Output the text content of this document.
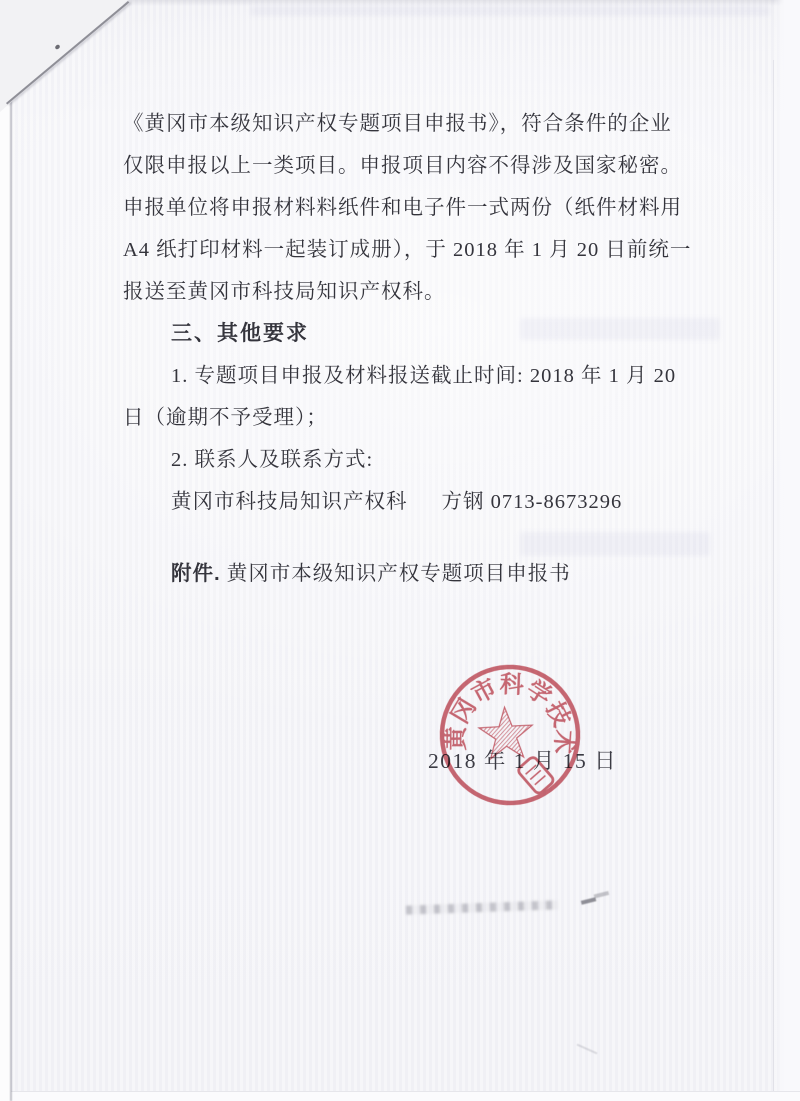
《黄冈市本级知识产权专题项目申报书》，符合条件的企业
仅限申报以上一类项目。申报项目内容不得涉及国家秘密。
申报单位将申报材料料纸件和电子件一式两份（纸件材料用
A4 纸打印材料一起装订成册），于 2018 年 1 月 20 日前统一
报送至黄冈市科技局知识产权科。
三、其他要求
1. 专题项目申报及材料报送截止时间: 2018 年 1 月 20
日（逾期不予受理）；
2. 联系人及联系方式:
黄冈市科技局知识产权科 方钢 0713-8673296
附件. 黄冈市本级知识产权专题项目申报书
2018 年 1 月 15 日
黄冈市科学技术
